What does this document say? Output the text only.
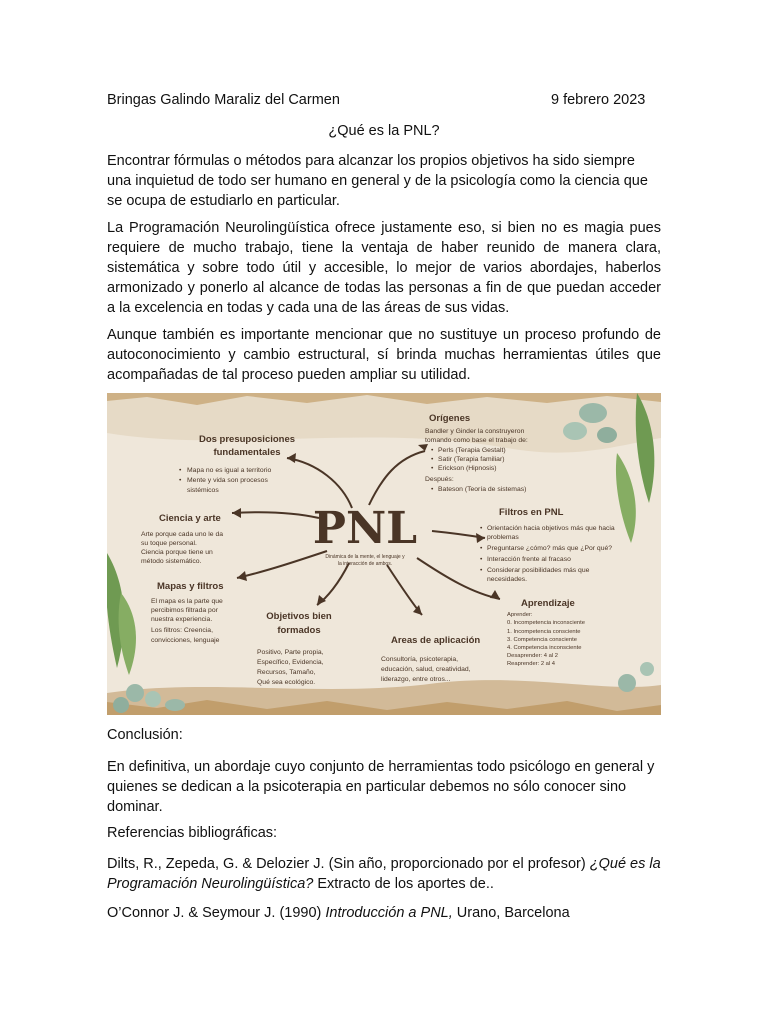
Bringas Galindo Maraliz del Carmen	9 febrero 2023
¿Qué es la PNL?

Encontrar fórmulas o métodos para alcanzar los propios objetivos ha sido siempre una inquietud de todo ser humano en general y de la psicología como la ciencia que se ocupa de estudiarlo en particular.

La Programación Neurolingüística ofrece justamente eso, si bien no es magia pues requiere de mucho trabajo, tiene la ventaja de haber reunido de manera clara, sistemática y sobre todo útil y accesible, lo mejor de varios abordajes, haberlos armonizado y ponerlo al alcance de todas las personas a fin de que puedan acceder a la excelencia en todas y cada una de las áreas de sus vidas.

Aunque también es importante mencionar que no sustituye un proceso profundo de autoconocimiento y cambio estructural, sí brinda muchas herramientas útiles que acompañadas de tal proceso pueden ampliar su utilidad.

PNL
Dinámica de la mente, el lenguaje y
la interacción de ambos.
Dos presuposiciones
fundamentales
• Mapa no es igual a territorio
• Mente y vida son procesos
sistémicos
Orígenes
Bandler y Ginder la construyeron
tomando como base el trabajo de:
• Perls (Terapia Gestalt)
• Satir (Terapia familiar)
• Erickson (Hipnosis)
Después:
• Bateson (Teoría de sistemas)
Ciencia y arte
Arte porque cada uno le da
su toque personal.
Ciencia porque tiene un
método sistemático.
Filtros en PNL
• Orientación hacia objetivos más que hacia
problemas
• Preguntarse ¿cómo? más que ¿Por qué?
• Interacción frente al fracaso
• Considerar posibilidades más que
necesidades.
Mapas y filtros
El mapa es la parte que
percibimos filtrada por
nuestra experiencia.
Los filtros: Creencia,
convicciones, lenguaje
Objetivos bien
formados
Positivo, Parte propia,
Específico, Evidencia,
Recursos, Tamaño,
Qué sea ecológico.
Areas de aplicación
Consultoría, psicoterapia,
educación, salud, creatividad,
liderazgo, entre otros...
Aprendizaje
Aprender:
0. Incompetencia inconsciente
1. Incompetencia consciente
3. Competencia consciente
4. Competencia inconsciente
Desaprender: 4 al 2
Reaprender: 2 al 4
Conclusión:

En definitiva, un abordaje cuyo conjunto de herramientas todo psicólogo en general y quienes se dedican a la psicoterapia en particular debemos no sólo conocer sino dominar.

Referencias bibliográficas:

Dilts, R., Zepeda, G. & Delozier J. (Sin año, proporcionado por el profesor) ¿Qué es la Programación Neurolingüística? Extracto de los aportes de..

O’Connor J. & Seymour J. (1990) Introducción a PNL, Urano, Barcelona
